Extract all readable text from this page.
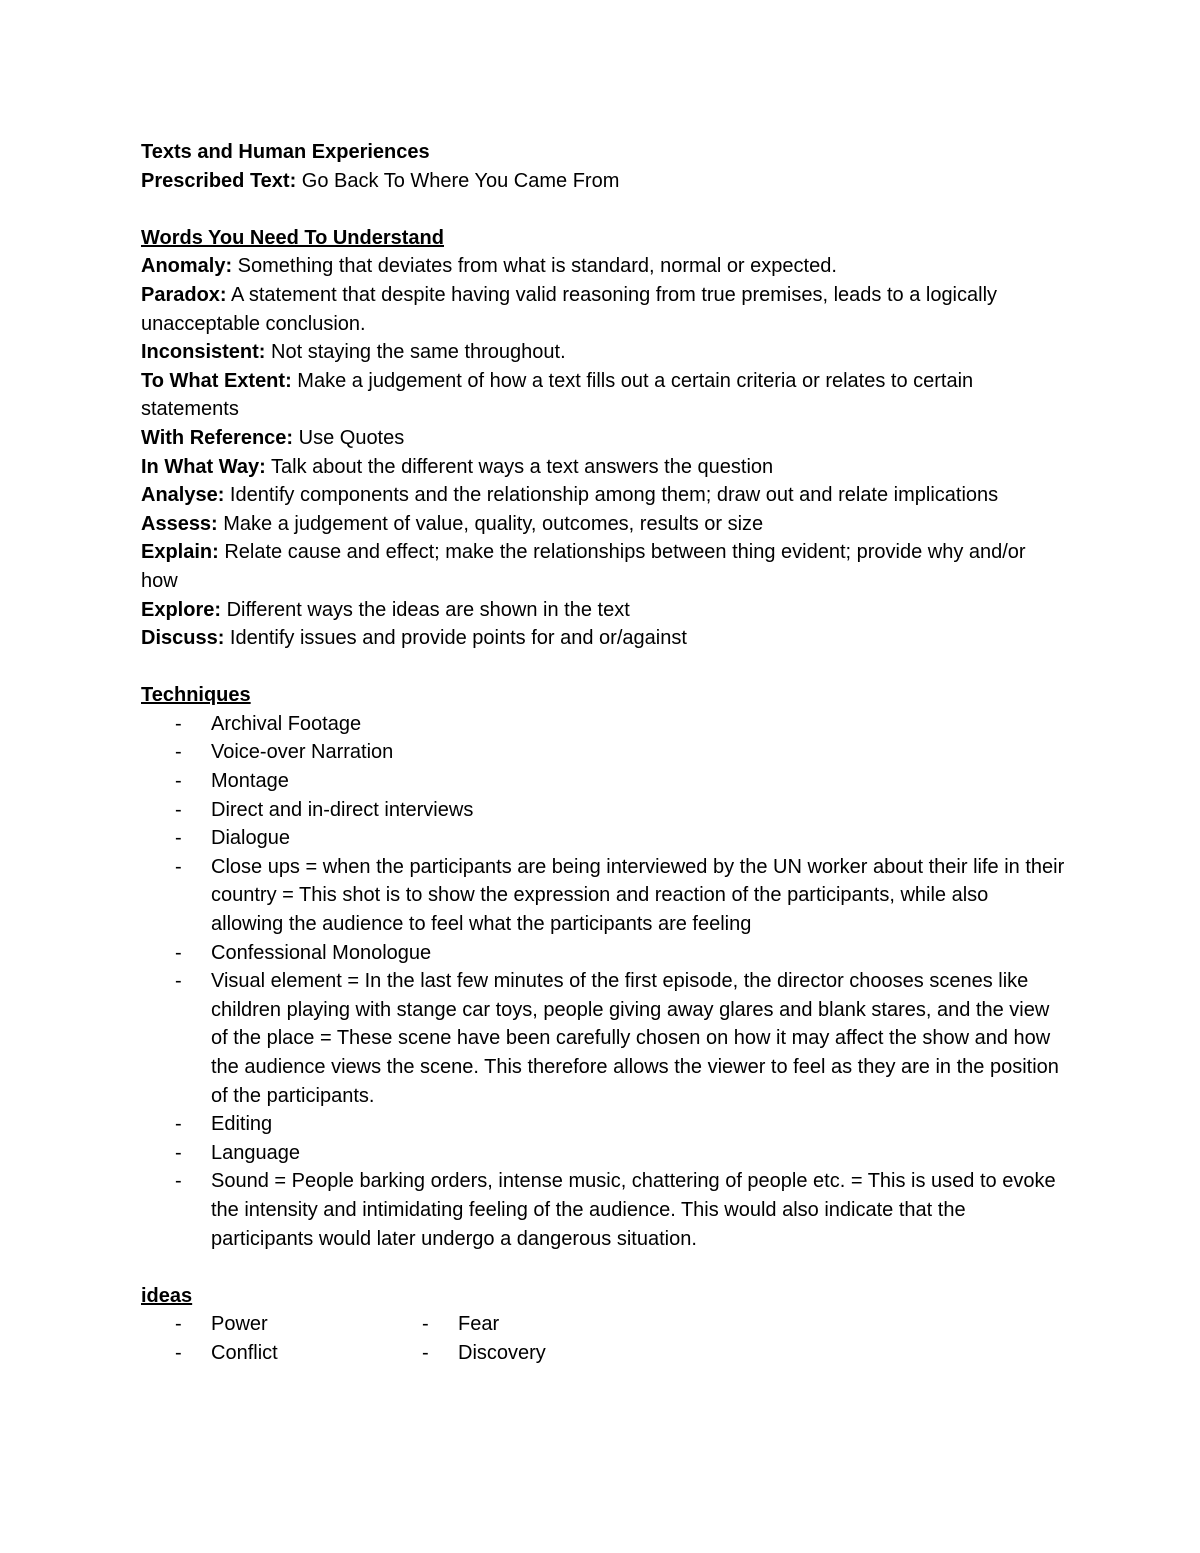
Texts and Human Experiences

Prescribed Text: Go Back To Where You Came From

Words You Need To Understand

Anomaly: Something that deviates from what is standard, normal or expected.

Paradox: A statement that despite having valid reasoning from true premises, leads to a logically unacceptable conclusion.

Inconsistent: Not staying the same throughout.

To What Extent: Make a judgement of how a text fills out a certain criteria or relates to certain statements

With Reference: Use Quotes

In What Way: Talk about the different ways a text answers the question

Analyse: Identify components and the relationship among them; draw out and relate implications

Assess: Make a judgement of value, quality, outcomes, results or size

Explain: Relate cause and effect; make the relationships between thing evident; provide why and/or how

Explore: Different ways the ideas are shown in the text

Discuss: Identify issues and provide points for and or/against

Techniques

- Archival Footage
- Voice-over Narration
- Montage
- Direct and in-direct interviews
- Dialogue
- Close ups = when the participants are being interviewed by the UN worker about their life in their country = This shot is to show the expression and reaction of the participants, while also allowing the audience to feel what the participants are feeling
- Confessional Monologue
- Visual element = In the last few minutes of the first episode, the director chooses scenes like children playing with stange car toys, people giving away glares and blank stares, and the view of the place = These scene have been carefully chosen on how it may affect the show and how the audience views the scene. This therefore allows the viewer to feel as they are in the position of the participants.
- Editing
- Language
- Sound = People barking orders, intense music, chattering of people etc. = This is used to evoke the intensity and intimidating feeling of the audience. This would also indicate that the participants would later undergo a dangerous situation.

ideas

- Power
- Conflict
- Fear
- Discovery
